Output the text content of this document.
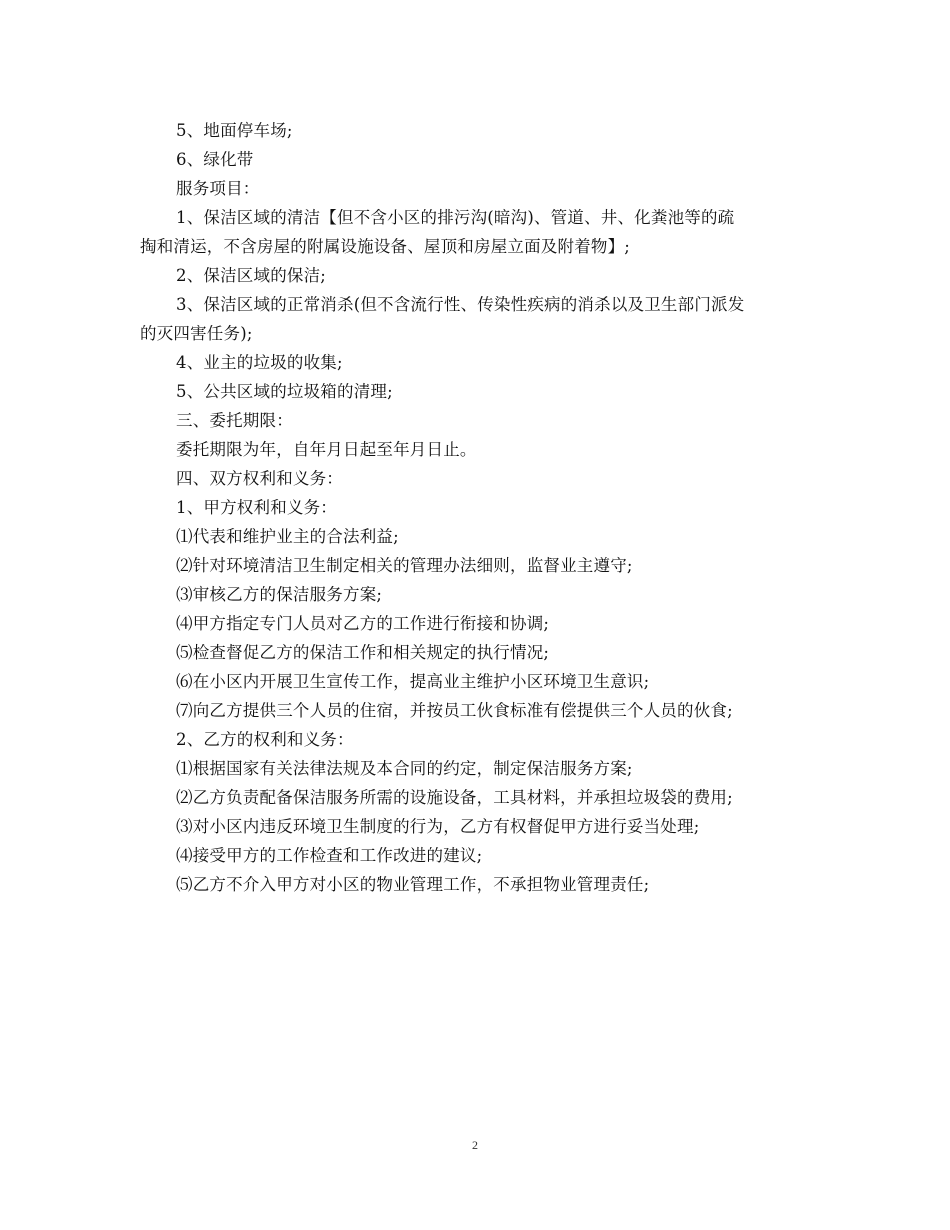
5、地面停车场;
6、绿化带
服务项目：
1、保洁区域的清洁【但不含小区的排污沟(暗沟)、管道、井、化粪池等的疏
掏和清运，不含房屋的附属设施设备、屋顶和房屋立面及附着物】;
2、保洁区域的保洁;
3、保洁区域的正常消杀(但不含流行性、传染性疾病的消杀以及卫生部门派发
的灭四害任务);
4、业主的垃圾的收集;
5、公共区域的垃圾箱的清理;
三、委托期限：
委托期限为年，自年月日起至年月日止。
四、双方权利和义务：
1、甲方权利和义务：
⑴代表和维护业主的合法利益;
⑵针对环境清洁卫生制定相关的管理办法细则，监督业主遵守;
⑶审核乙方的保洁服务方案;
⑷甲方指定专门人员对乙方的工作进行衔接和协调;
⑸检查督促乙方的保洁工作和相关规定的执行情况;
⑹在小区内开展卫生宣传工作，提高业主维护小区环境卫生意识;
⑺向乙方提供三个人员的住宿，并按员工伙食标准有偿提供三个人员的伙食;
2、乙方的权利和义务：
⑴根据国家有关法律法规及本合同的约定，制定保洁服务方案;
⑵乙方负责配备保洁服务所需的设施设备，工具材料，并承担垃圾袋的费用;
⑶对小区内违反环境卫生制度的行为，乙方有权督促甲方进行妥当处理;
⑷接受甲方的工作检查和工作改进的建议;
⑸乙方不介入甲方对小区的物业管理工作，不承担物业管理责任;
2
